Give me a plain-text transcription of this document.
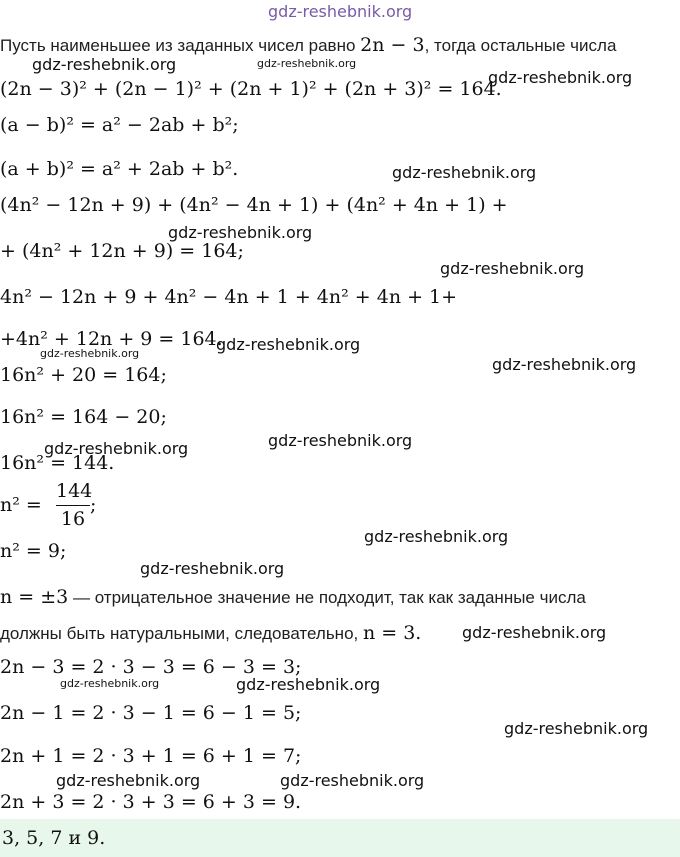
gdz-reshebnik.org
Пусть наименьшее из заданных чисел равно 2n − 3, тогда остальные числа
gdz-reshebnik.org	gdz-reshebnik.org
gdz-reshebnik.org
(2n − 3)² + (2n − 1)² + (2n + 1)² + (2n + 3)² = 164.
(a − b)² = a² − 2ab + b²;
(a + b)² = a² + 2ab + b².	gdz-reshebnik.org
(4n² − 12n + 9) + (4n² − 4n + 1) + (4n² + 4n + 1) +
gdz-reshebnik.org
+ (4n² + 12n + 9) = 164;
gdz-reshebnik.org
4n² − 12n + 9 + 4n² − 4n + 1 + 4n² + 4n + 1+
+4n² + 12n + 9 = 164.
gdz-reshebnik.org
gdz-reshebnik.org
gdz-reshebnik.org
16n² + 20 = 164;
16n² = 164 − 20;
gdz-reshebnik.org	gdz-reshebnik.org
16n² = 144.
n² =
144
16
;
gdz-reshebnik.org
n² = 9;
gdz-reshebnik.org
n = ±3 — отрицательное значение не подходит, так как заданные числа
должны быть натуральными, следовательно, n = 3.	gdz-reshebnik.org
2n − 3 = 2 · 3 − 3 = 6 − 3 = 3;
gdz-reshebnik.org	gdz-reshebnik.org
2n − 1 = 2 · 3 − 1 = 6 − 1 = 5;
gdz-reshebnik.org
2n + 1 = 2 · 3 + 1 = 6 + 1 = 7;
gdz-reshebnik.org	gdz-reshebnik.org
2n + 3 = 2 · 3 + 3 = 6 + 3 = 9.
3, 5, 7 и 9.
